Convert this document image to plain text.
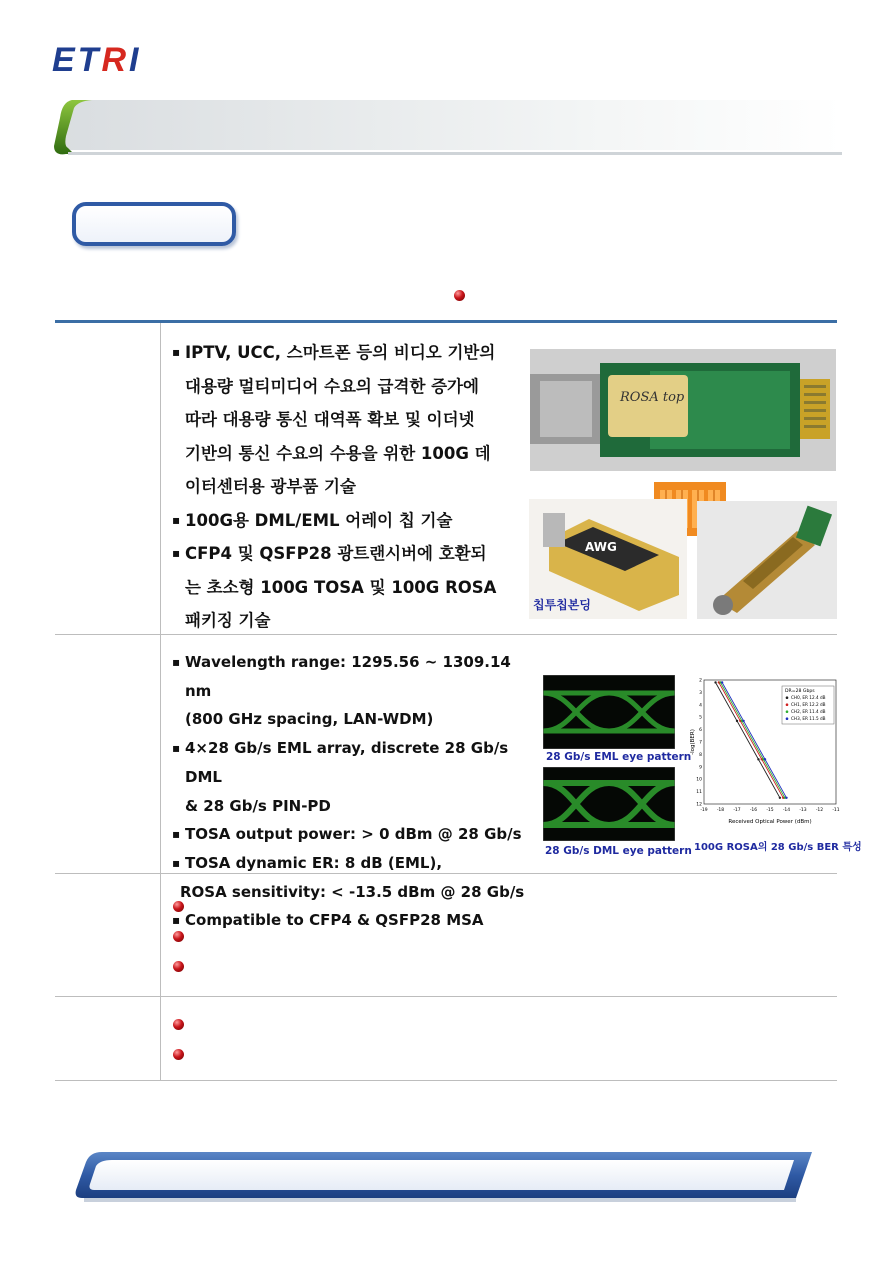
ETRI
▪ IPTV, UCC, 스마트폰 등의 비디오 기반의
대용량 멀티미디어 수요의 급격한 증가에
따라 대용량 통신 대역폭 확보 및 이더넷
기반의 통신 수요의 수용을 위한 100G 데
이터센터용 광부품 기술
▪ 100G용 DML/EML 어레이 칩 기술
▪ CFP4 및 QSFP28 광트랜시버에 호환되
는 초소형 100G TOSA 및 100G ROSA
패키징 기술
ROSA top
AWG
칩투칩본딩
▪ Wavelength range: 1295.56 ~ 1309.14 nm
(800 GHz spacing, LAN-WDM)
▪ 4×28 Gb/s EML array, discrete 28 Gb/s DML
& 28 Gb/s PIN-PD
▪ TOSA output power: > 0 dBm @ 28 Gb/s
▪ TOSA dynamic ER: 8 dB (EML),
ROSA sensitivity: < -13.5 dBm @ 28 Gb/s
▪ Compatible to CFP4 & QSFP28 MSA
28 Gb/s EML eye pattern
28 Gb/s DML eye pattern
-19 -18 -17 -16 -15 -14 -13 -12 -11
2
3
4
5
6
7
8
9
10
11
12
DR=28 Gbps
CH0, ER 12.4 dB
CH1, ER 12.2 dB
CH2, ER 11.4 dB
CH3, ER 11.5 dB
Received Optical Power (dBm)
-log(BER)
100G ROSA의 28 Gb/s BER 특성
